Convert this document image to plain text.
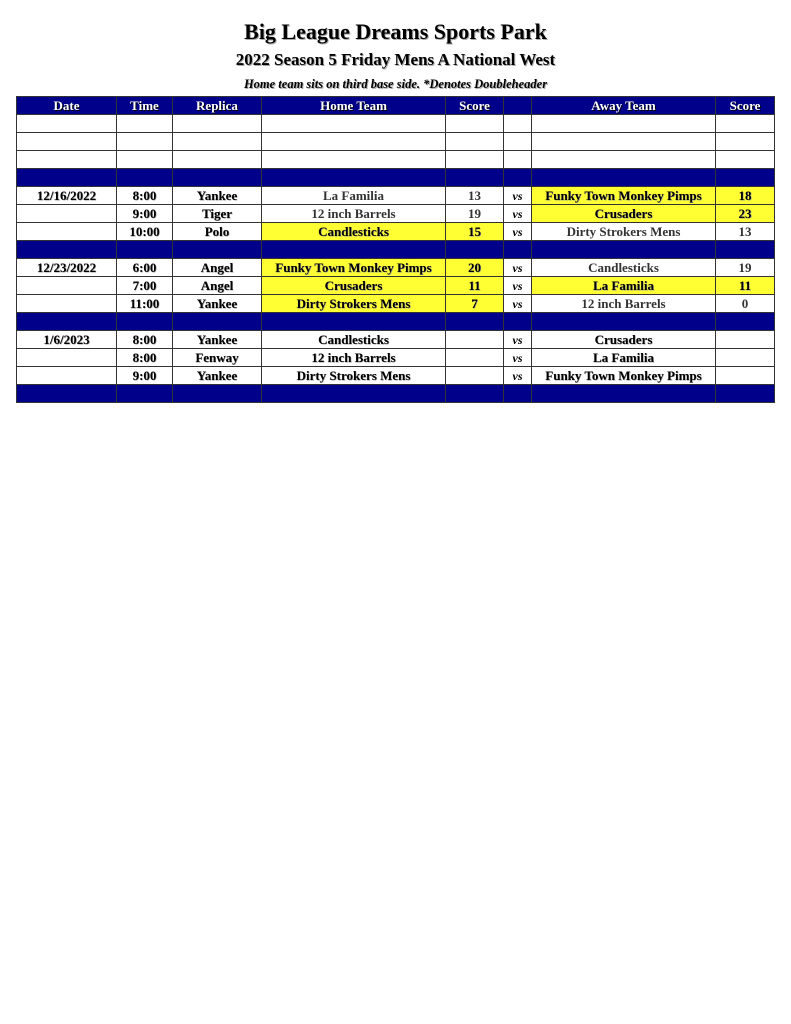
Big League Dreams Sports Park
2022 Season 5 Friday Mens A National West
Home team sits on third base side. *Denotes Doubleheader
Date	Time	Replica	Home Team	Score		Away Team	Score

12/16/2022	8:00	Yankee	La Familia	13	vs	Funky Town Monkey Pimps	18
	9:00	Tiger	12 inch Barrels	19	vs	Crusaders	23
	10:00	Polo	Candlesticks	15	vs	Dirty Strokers Mens	13

12/23/2022	6:00	Angel	Funky Town Monkey Pimps	20	vs	Candlesticks	19
	7:00	Angel	Crusaders	11	vs	La Familia	11
	11:00	Yankee	Dirty Strokers Mens	7	vs	12 inch Barrels	0

1/6/2023	8:00	Yankee	Candlesticks		vs	Crusaders	
	8:00	Fenway	12 inch Barrels		vs	La Familia	
	9:00	Yankee	Dirty Strokers Mens		vs	Funky Town Monkey Pimps	
